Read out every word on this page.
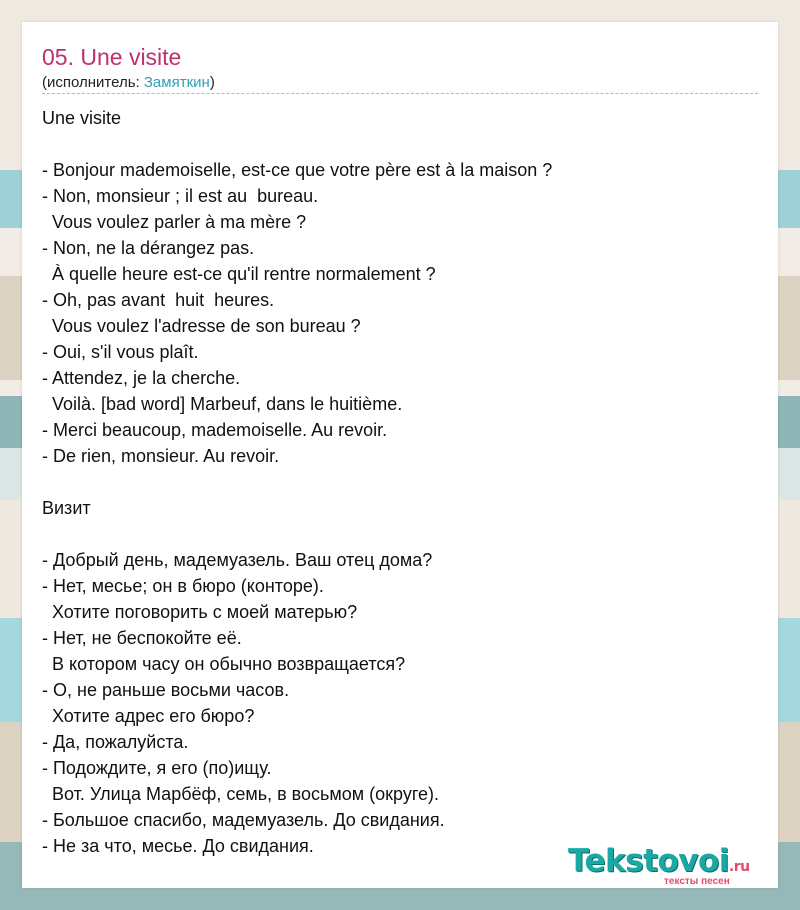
05. Une visite
(исполнитель: Замяткин)
Une visite

- Bonjour mademoiselle, est-ce que votre père est à la maison ?
- Non, monsieur ; il est au  bureau.
Vous voulez parler à ma mère ?
- Non, ne la dérangez pas.
À quelle heure est-ce qu'il rentre normalement ?
- Oh, pas avant  huit  heures.
Vous voulez l'adresse de son bureau ?
- Oui, s'il vous plaît.
- Attendez, je la cherche.
Voilà. [bad word] Marbeuf, dans le huitième.
- Merci beaucoup, mademoiselle. Au revoir.
- De rien, monsieur. Au revoir.

Визит

- Добрый день, мадемуазель. Ваш отец дома?
- Нет, месье; он в бюро (конторе).
Хотите поговорить с моей матерью?
- Нет, не беспокойте её.
В котором часу он обычно возвращается?
- О, не раньше восьми часов.
Хотите адрес его бюро?
- Да, пожалуйста.
- Подождите, я его (по)ищу.
Вот. Улица Марбёф, семь, в восьмом (округе).
- Большое спасибо, мадемуазель. До свидания.
- Не за что, месье. До свидания.	Tekstovoi.ru
тексты песен
